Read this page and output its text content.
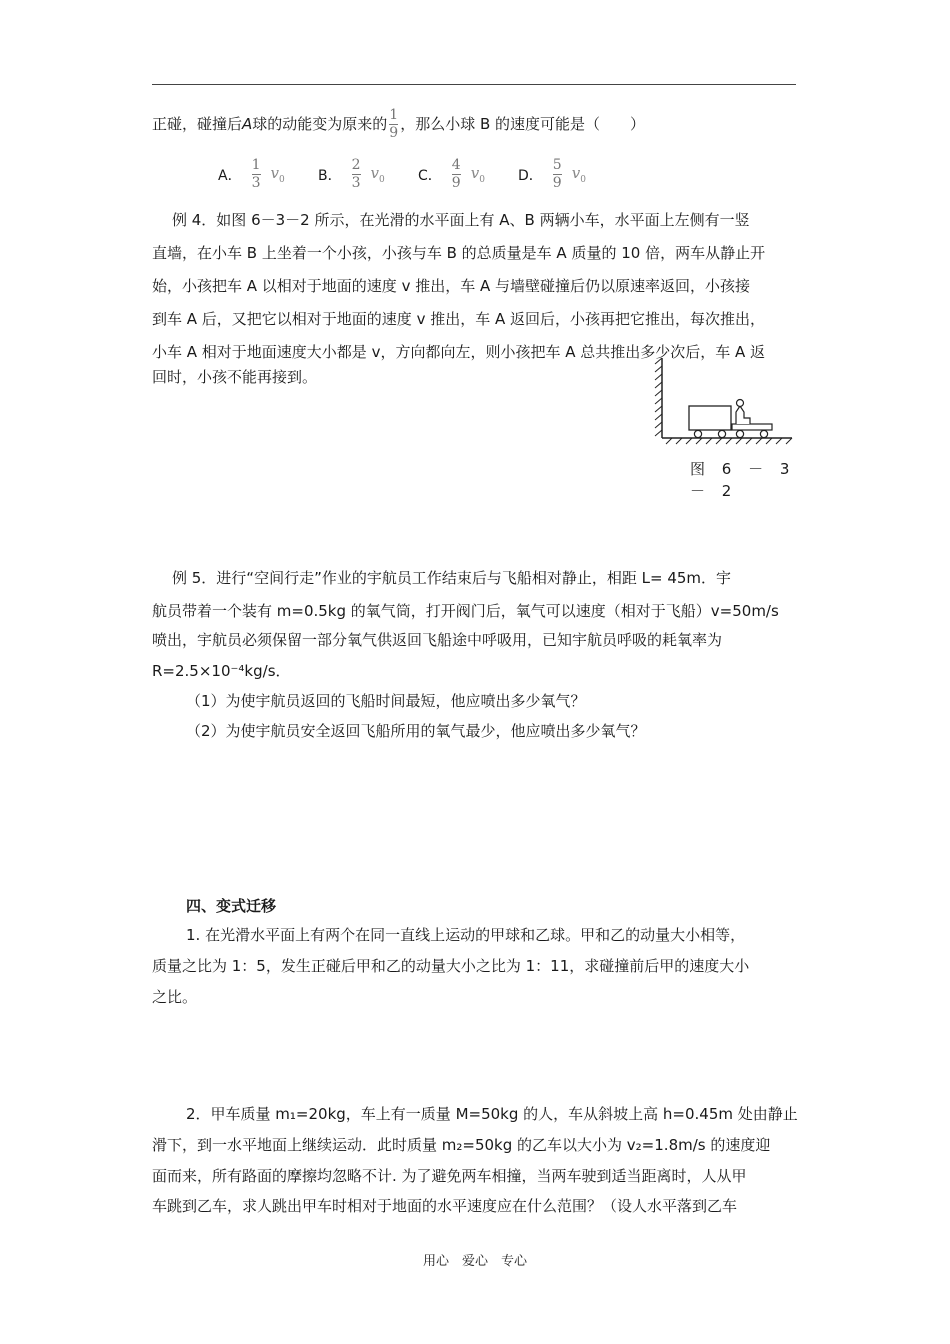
正碰，碰撞后A球的动能变为原来的 $\frac{1}{9}$ ，那么小球 B 的速度可能是（　　）
A． $\frac{1}{3} v_0$ B． $\frac{2}{3} v_0$ C． $\frac{4}{9} v_0$ D． $\frac{5}{9} v_0$
例 4．如图 6－3－2 所示，在光滑的水平面上有 A、B 两辆小车，水平面上左侧有一竖
直墙，在小车 B 上坐着一个小孩，小孩与车 B 的总质量是车 A 质量的 10 倍，两车从静止开
始，小孩把车 A 以相对于地面的速度 v 推出，车 A 与墙壁碰撞后仍以原速率返回，小孩接
到车 A 后，又把它以相对于地面的速度 v 推出，车 A 返回后，小孩再把它推出，每次推出，
小车 A 相对于地面速度大小都是 v，方向都向左，则小孩把车 A 总共推出多少次后，车 A 返
回时，小孩不能再接到。
图 6 － 3
－ 2
例 5．进行“空间行走”作业的宇航员工作结束后与飞船相对静止，相距 L= 45m．宇
航员带着一个装有 m=0.5kg 的氧气筒，打开阀门后，氧气可以速度（相对于飞船）v=50m/s
喷出，宇航员必须保留一部分氧气供返回飞船途中呼吸用，已知宇航员呼吸的耗氧率为
R=2.5×10⁻⁴kg/s．
（1）为使宇航员返回的飞船时间最短，他应喷出多少氧气？
（2）为使宇航员安全返回飞船所用的氧气最少，他应喷出多少氧气？
四、变式迁移
1. 在光滑水平面上有两个在同一直线上运动的甲球和乙球。甲和乙的动量大小相等，
质量之比为 1：5，发生正碰后甲和乙的动量大小之比为 1：11，求碰撞前后甲的速度大小
之比。
2．甲车质量 m₁=20kg，车上有一质量 M=50kg 的人，车从斜坡上高 h=0.45m 处由静止
滑下，到一水平地面上继续运动．此时质量 m₂=50kg 的乙车以大小为 v₂=1.8m/s 的速度迎
面而来，所有路面的摩擦均忽略不计. 为了避免两车相撞，当两车驶到适当距离时，人从甲
车跳到乙车，求人跳出甲车时相对于地面的水平速度应在什么范围？（设人水平落到乙车
用心　爱心　专心
